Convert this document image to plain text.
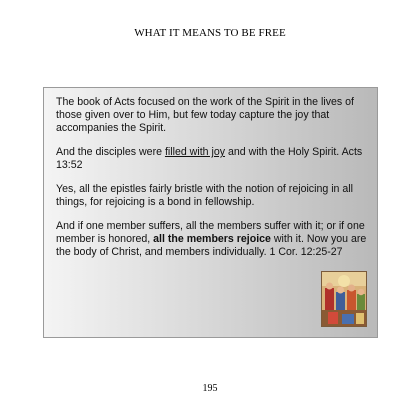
WHAT IT MEANS TO BE FREE

The book of Acts focused on the work of the Spirit in the lives of those given over to Him, but few today capture the joy that accompanies the Spirit.

And the disciples were filled with joy and with the Holy Spirit. Acts 13:52

Yes, all the epistles fairly bristle with the notion of rejoicing in all things, for rejoicing is a bond in fellowship.

And if one member suffers, all the members suffer with it; or if one member is honored, all the members rejoice with it. Now you are the body of Christ, and members individually. 1 Cor. 12:25-27

195
